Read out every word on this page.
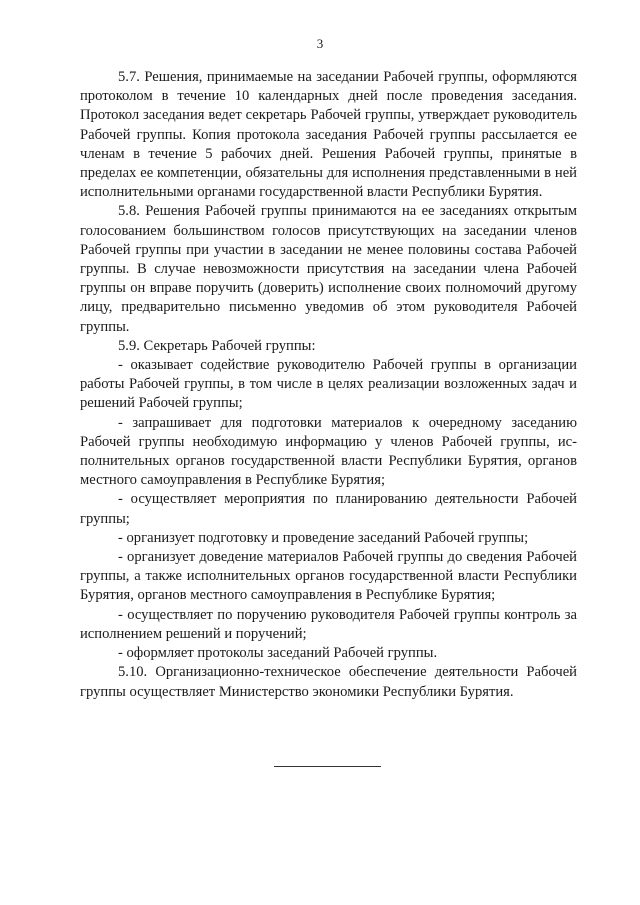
3

5.7. Решения, принимаемые на заседании Рабочей группы, оформляются протоколом в течение 10 календарных дней после проведения заседания. Протокол заседания ведет секретарь Рабочей группы, утверждает руководитель Рабочей группы. Копия протокола заседания Рабочей группы рассылается ее членам в течение 5 рабочих дней. Решения Рабочей группы, принятые в пределах ее компетенции, обязательны для исполнения представленными в ней исполнительными органами государственной власти Республики Бурятия.

5.8. Решения Рабочей группы принимаются на ее заседаниях открытым голосованием большинством голосов присутствующих на заседании членов Рабочей группы при участии в заседании не менее половины состава Рабочей группы. В случае невозможности присутствия на заседании члена Рабочей группы он вправе поручить (доверить) исполнение своих полномочий другому лицу, предварительно письменно уведомив об этом руководителя Рабочей группы.

5.9. Секретарь Рабочей группы:

- оказывает содействие руководителю Рабочей группы в организации работы Рабочей группы, в том числе в целях реализации возложенных задач и решений Рабочей группы;

- запрашивает для подготовки материалов к очередному заседанию Рабочей группы необходимую информацию у членов Рабочей группы, исполнительных органов государственной власти Республики Бурятия, органов местного самоуправления в Республике Бурятия;

- осуществляет мероприятия по планированию деятельности Рабочей группы;

- организует подготовку и проведение заседаний Рабочей группы;

- организует доведение материалов Рабочей группы до сведения Рабочей группы, а также исполнительных органов государственной власти Республики Бурятия, органов местного самоуправления в Республике Бурятия;

- осуществляет по поручению руководителя Рабочей группы контроль за исполнением решений и поручений;

- оформляет протоколы заседаний Рабочей группы.

5.10. Организационно-техническое обеспечение деятельности Рабочей группы осуществляет Министерство экономики Республики Бурятия.
